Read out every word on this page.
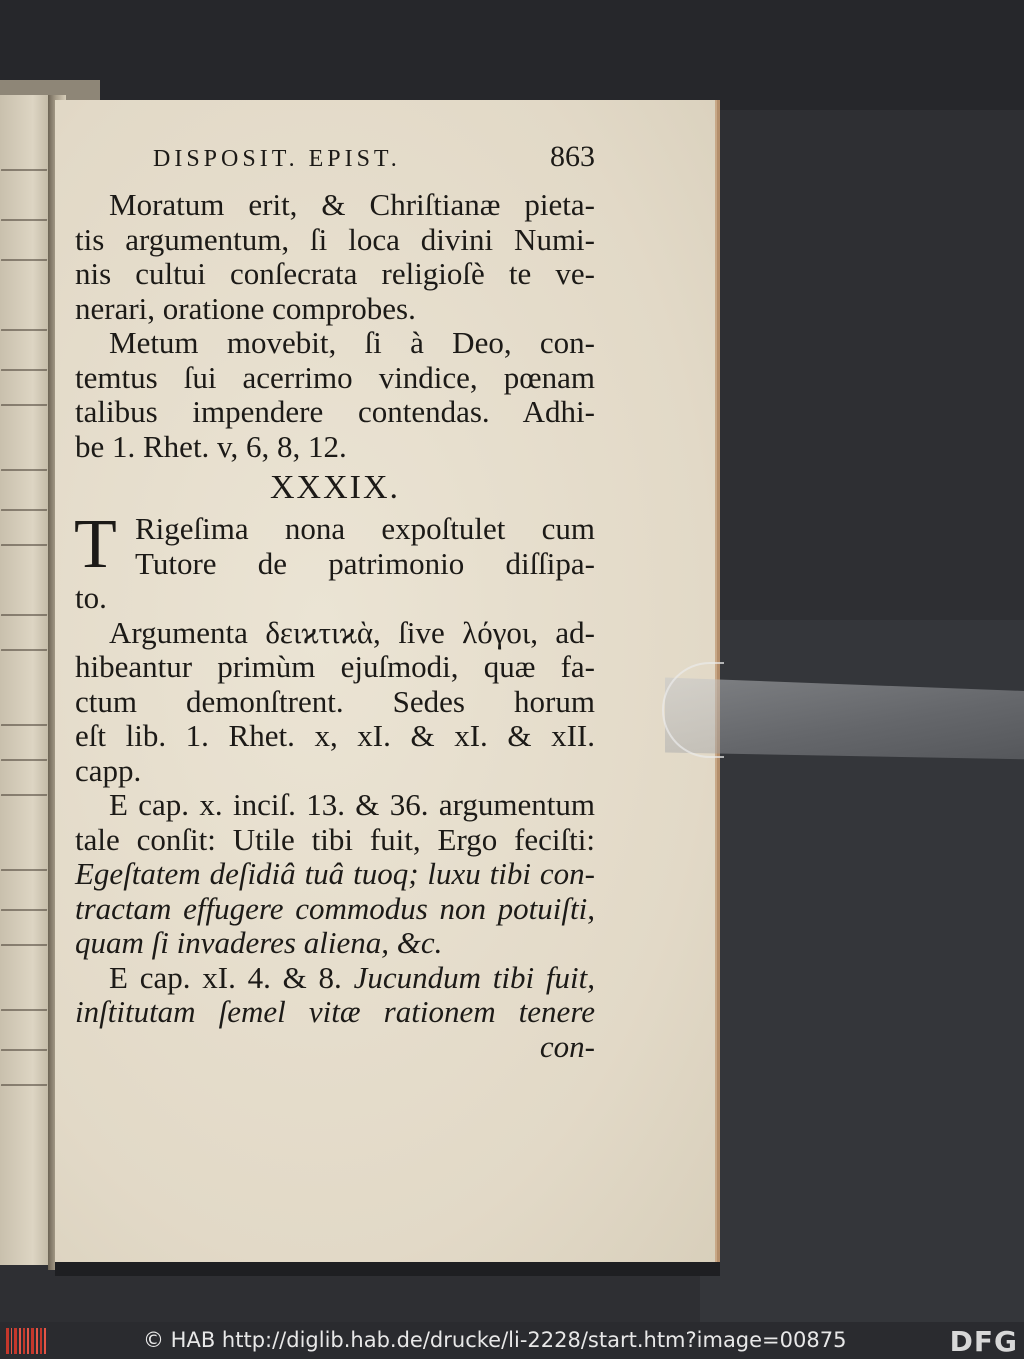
DISPOSIT. EPIST.	863
Moratum erit, & Chriſtianæ pieta-
tis argumentum, ſi loca divini Numi-
nis cultui conſecrata religioſè te ve-
nerari, oratione comprobes.
Metum movebit, ſi à Deo, con-
temtus ſui acerrimo vindice, pœnam
talibus impendere contendas. Adhi-
be 1. Rhet. v, 6, 8, 12.
XXXIX.
T Rigeſima nona expoſtulet cum
Tutore de patrimonio diſſipa-
to.
Argumenta δειϰτιϰὰ, ſive λόγοι, ad-
hibeantur primùm ejuſmodi, quæ fa-
ctum demonſtrent. Sedes horum
eſt lib. 1. Rhet. x, xI. & xI. & xII.
capp.
E cap. x. inciſ. 13. & 36. argumentum
tale conſit: Utile tibi fuit, Ergo feciſti:
Egeſtatem deſidiâ tuâ tuoq; luxu tibi con-
tractam effugere commodus non potuiſti,
quam ſi invaderes aliena, &c.
E cap. xI. 4. & 8. Jucundum tibi fuit,
inſtitutam ſemel vitæ rationem tenere
con-
© HAB http://diglib.hab.de/drucke/li-2228/start.htm?image=00875	DFG
